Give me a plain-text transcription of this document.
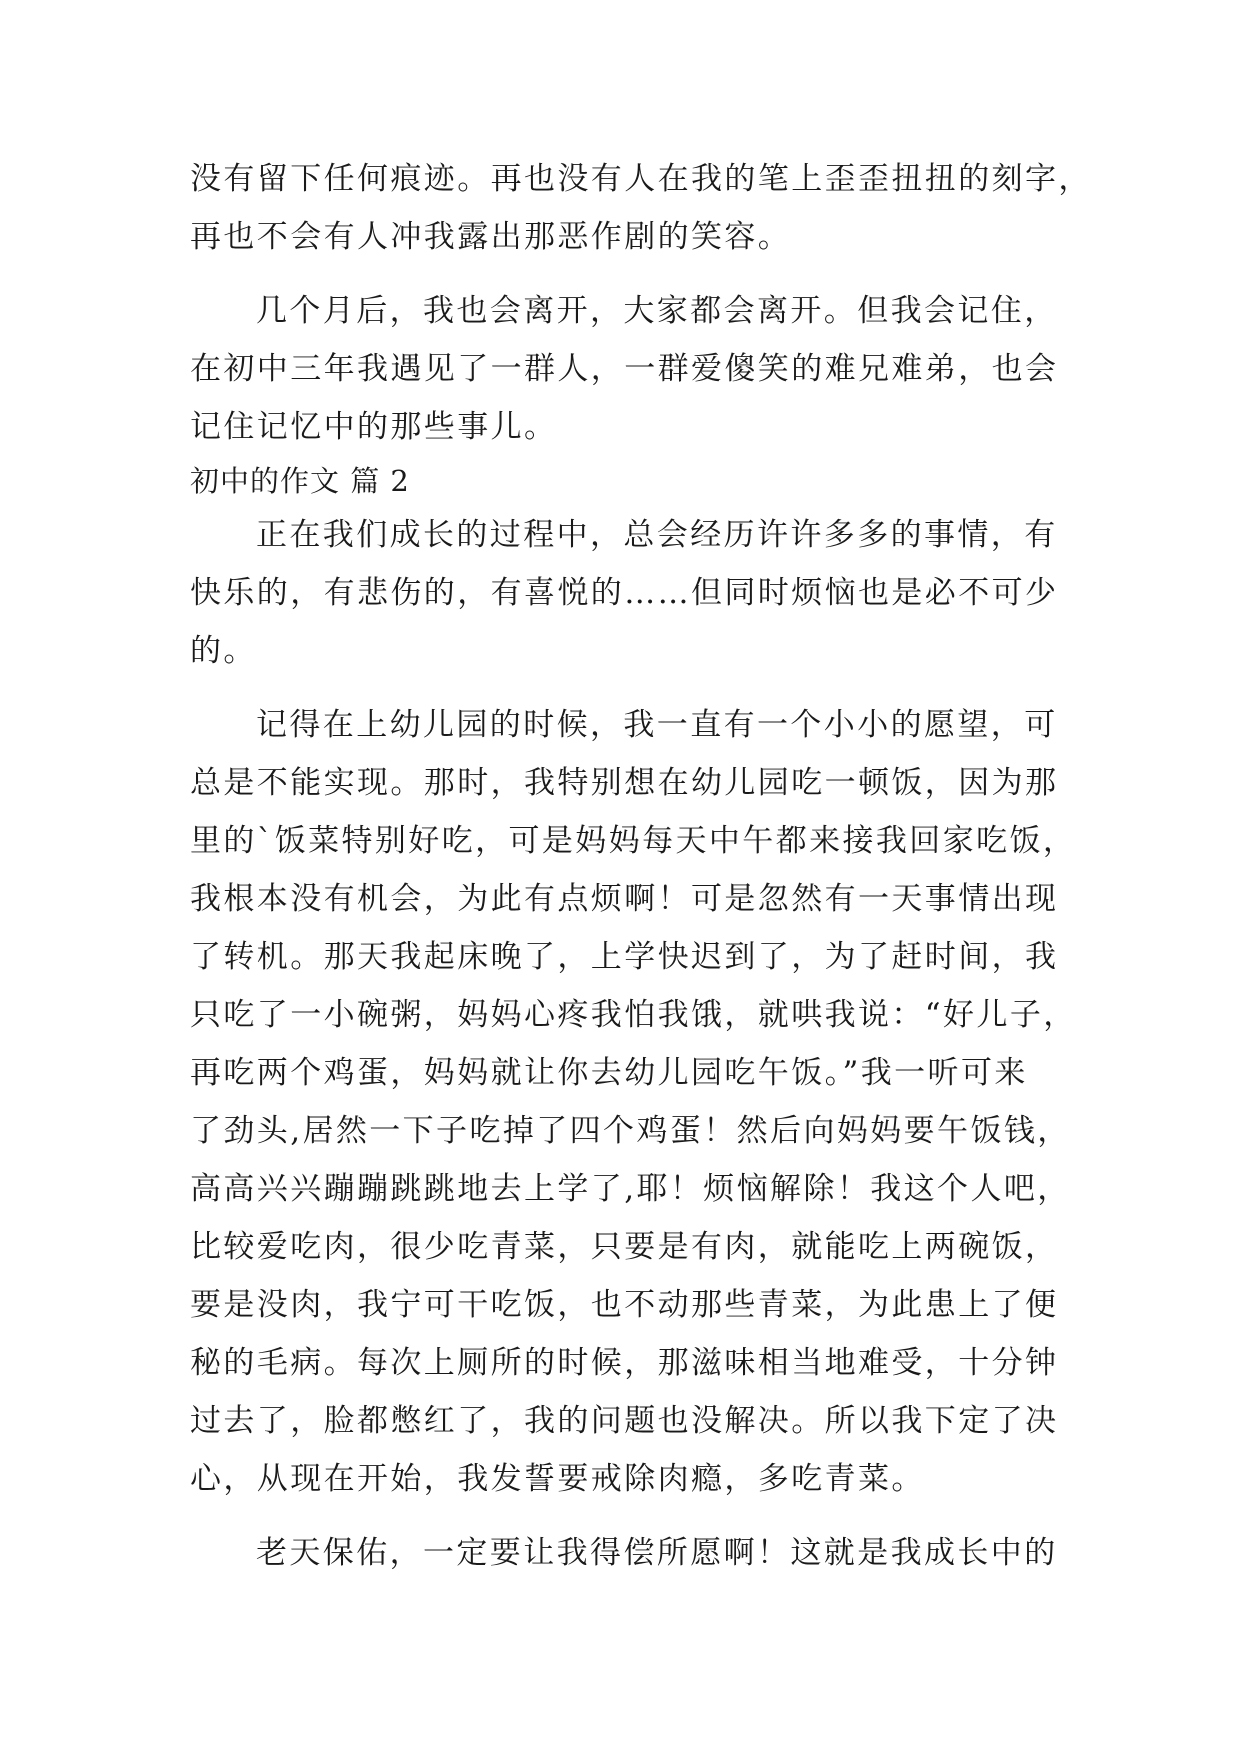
没有留下任何痕迹。再也没有人在我的笔上歪歪扭扭的刻字，
再也不会有人冲我露出那恶作剧的笑容。
几个月后，我也会离开，大家都会离开。但我会记住，
在初中三年我遇见了一群人，一群爱傻笑的难兄难弟，也会
记住记忆中的那些事儿。
初中的作文 篇 2
正在我们成长的过程中，总会经历许许多多的事情，有
快乐的，有悲伤的，有喜悦的……但同时烦恼也是必不可少
的。
记得在上幼儿园的时候，我一直有一个小小的愿望，可
总是不能实现。那时，我特别想在幼儿园吃一顿饭，因为那
里的`饭菜特别好吃，可是妈妈每天中午都来接我回家吃饭，
我根本没有机会，为此有点烦啊！可是忽然有一天事情出现
了转机。那天我起床晚了，上学快迟到了，为了赶时间，我
只吃了一小碗粥，妈妈心疼我怕我饿，就哄我说：“好儿子，
再吃两个鸡蛋，妈妈就让你去幼儿园吃午饭。”我一听可来
了劲头,居然一下子吃掉了四个鸡蛋！然后向妈妈要午饭钱，
高高兴兴蹦蹦跳跳地去上学了,耶！烦恼解除！我这个人吧，
比较爱吃肉，很少吃青菜，只要是有肉，就能吃上两碗饭，
要是没肉，我宁可干吃饭，也不动那些青菜，为此患上了便
秘的毛病。每次上厕所的时候，那滋味相当地难受，十分钟
过去了，脸都憋红了，我的问题也没解决。所以我下定了决
心，从现在开始，我发誓要戒除肉瘾，多吃青菜。
老天保佑，一定要让我得偿所愿啊！这就是我成长中的
